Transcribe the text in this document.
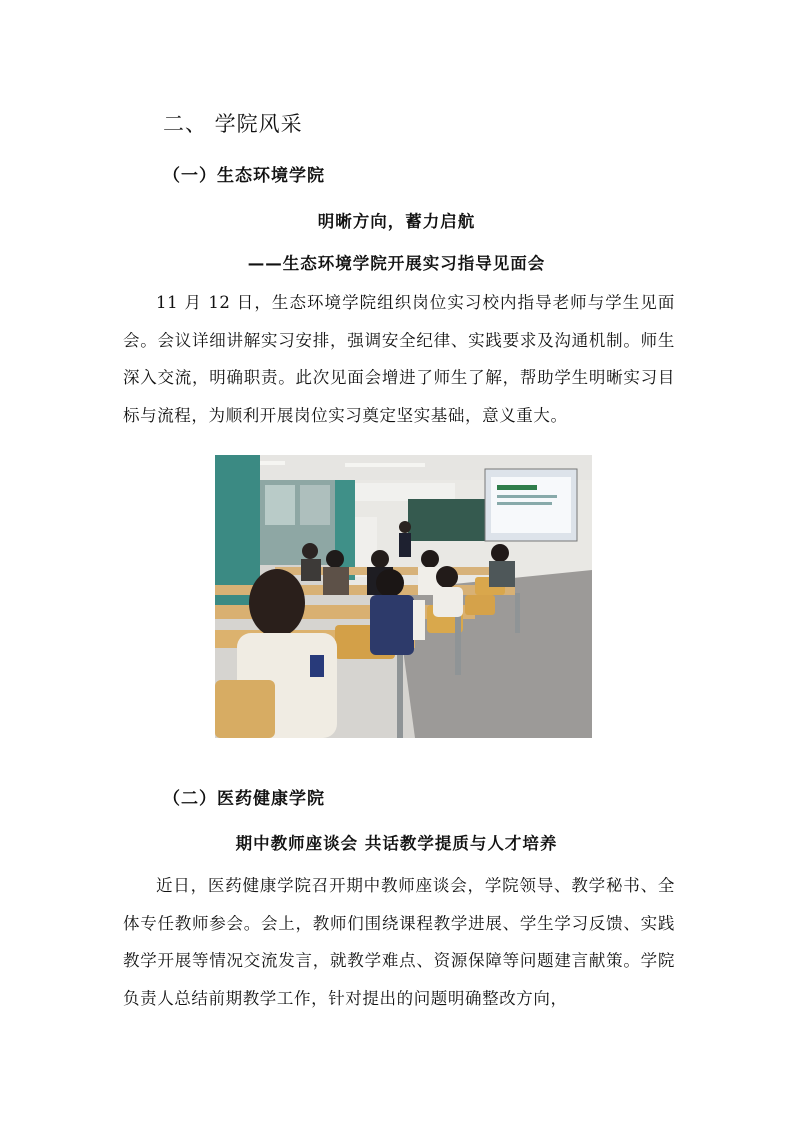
二、 学院风采
（一）生态环境学院
明晰方向，蓄力启航
——生态环境学院开展实习指导见面会
11 月 12 日，生态环境学院组织岗位实习校内指导老师与学生见面会。会议详细讲解实习安排，强调安全纪律、实践要求及沟通机制。师生深入交流，明确职责。此次见面会增进了师生了解，帮助学生明晰实习目标与流程，为顺利开展岗位实习奠定坚实基础，意义重大。
（二）医药健康学院
期中教师座谈会 共话教学提质与人才培养
近日，医药健康学院召开期中教师座谈会，学院领导、教学秘书、全体专任教师参会。会上，教师们围绕课程教学进展、学生学习反馈、实践教学开展等情况交流发言，就教学难点、资源保障等问题建言献策。学院负责人总结前期教学工作，针对提出的问题明确整改方向，
